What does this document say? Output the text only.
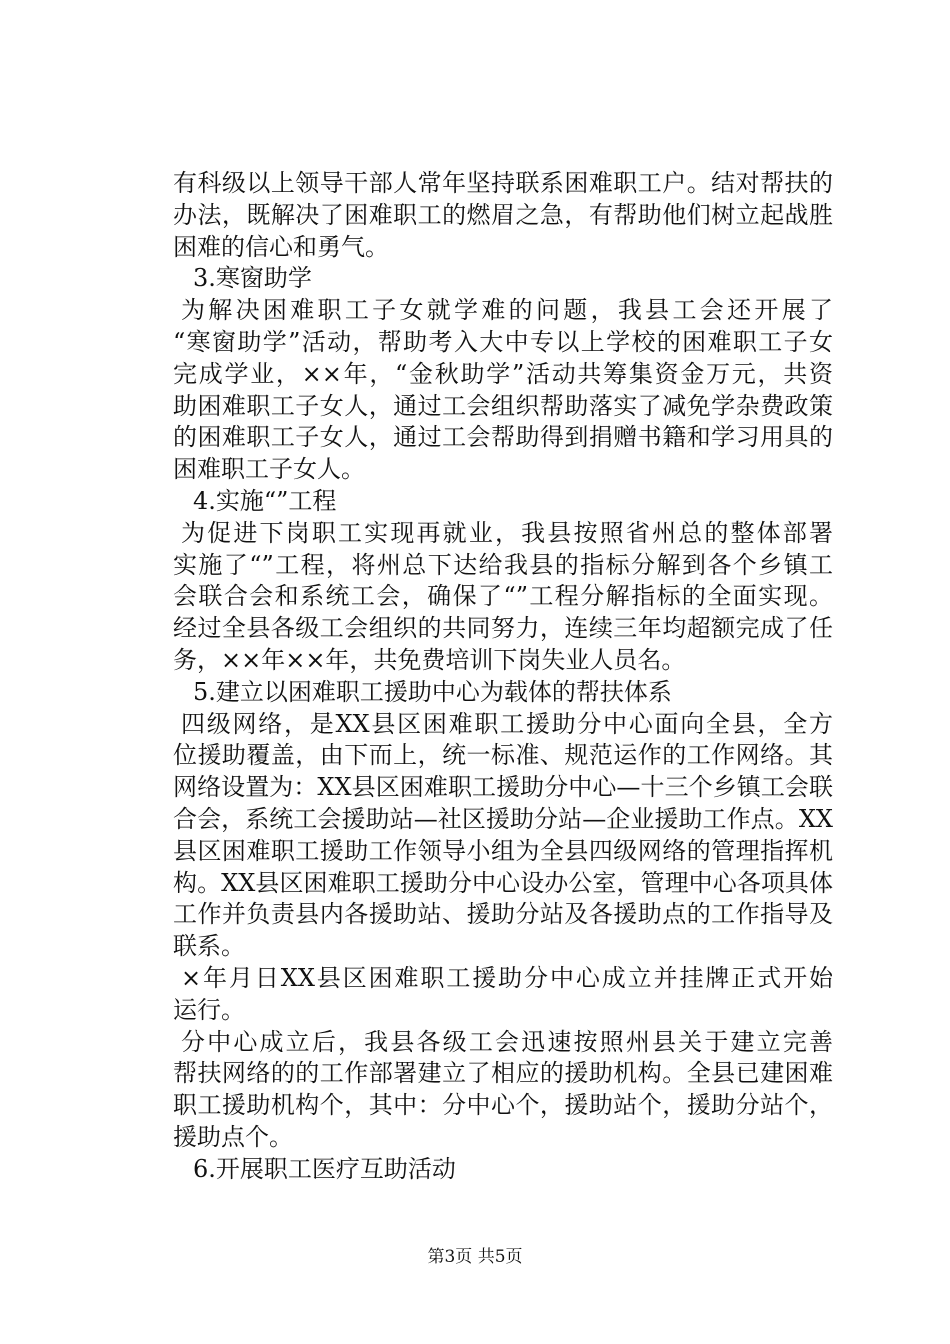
有科级以上领导干部人常年坚持联系困难职工户。结对帮扶的
办法，既解决了困难职工的燃眉之急，有帮助他们树立起战胜
困难的信心和勇气。
3.寒窗助学
为解决困难职工子女就学难的问题，我县工会还开展了
“寒窗助学”活动，帮助考入大中专以上学校的困难职工子女
完成学业，××年，“金秋助学”活动共筹集资金万元，共资
助困难职工子女人，通过工会组织帮助落实了减免学杂费政策
的困难职工子女人，通过工会帮助得到捐赠书籍和学习用具的
困难职工子女人。
4.实施“”工程
为促进下岗职工实现再就业，我县按照省州总的整体部署
实施了“”工程，将州总下达给我县的指标分解到各个乡镇工
会联合会和系统工会，确保了“”工程分解指标的全面实现。
经过全县各级工会组织的共同努力，连续三年均超额完成了任
务，××年××年，共免费培训下岗失业人员名。
5.建立以困难职工援助中心为载体的帮扶体系
四级网络，是XX县区困难职工援助分中心面向全县，全方
位援助覆盖，由下而上，统一标准、规范运作的工作网络。其
网络设置为：XX县区困难职工援助分中心—十三个乡镇工会联
合会，系统工会援助站—社区援助分站—企业援助工作点。XX
县区困难职工援助工作领导小组为全县四级网络的管理指挥机
构。XX县区困难职工援助分中心设办公室，管理中心各项具体
工作并负责县内各援助站、援助分站及各援助点的工作指导及
联系。
×年月日XX县区困难职工援助分中心成立并挂牌正式开始
运行。
分中心成立后，我县各级工会迅速按照州县关于建立完善
帮扶网络的的工作部署建立了相应的援助机构。全县已建困难
职工援助机构个，其中：分中心个，援助站个，援助分站个，
援助点个。
6.开展职工医疗互助活动
第3页 共5页
